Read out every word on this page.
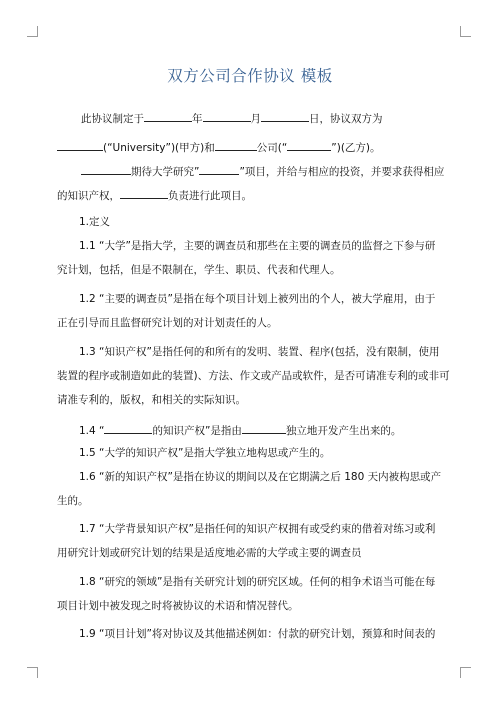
双方公司合作协议 模板
此协议制定于	年	月	日，协议双方为
(“University”)(甲方)和	公司(“	”)(乙方)。
期待大学研究”	”项目，并给与相应的投资，并要求获得相应
的知识产权，	负责进行此项目。
1.定义
1.1 “大学”是指大学，主要的调查员和那些在主要的调查员的监督之下参与研
究计划，包括，但是不限制在，学生、职员、代表和代理人。
1.2 “主要的调查员”是指在每个项目计划上被列出的个人，被大学雇用，由于
正在引导而且监督研究计划的对计划责任的人。
1.3 “知识产权”是指任何的和所有的发明、装置、程序(包括，没有限制，使用
装置的程序或制造如此的装置)、方法、作文或产品或软件，是否可请准专利的或非可
请准专利的，版权，和相关的实际知识。
1.4 “	的知识产权”是指由	独立地开发产生出来的。
1.5 “大学的知识产权”是指大学独立地构思或产生的。
1.6 “新的知识产权”是指在协议的期间以及在它期满之后 180 天内被构思或产
生的。
1.7 “大学背景知识产权”是指任何的知识产权拥有或受约束的借着对练习或利
用研究计划或研究计划的结果是适度地必需的大学或主要的调查员
1.8 “研究的领域”是指有关研究计划的研究区域。任何的相争术语当可能在每
项目计划中被发现之时将被协议的术语和情况替代。
1.9 “项目计划”将对协议及其他描述例如：付款的研究计划，预算和时间表的
